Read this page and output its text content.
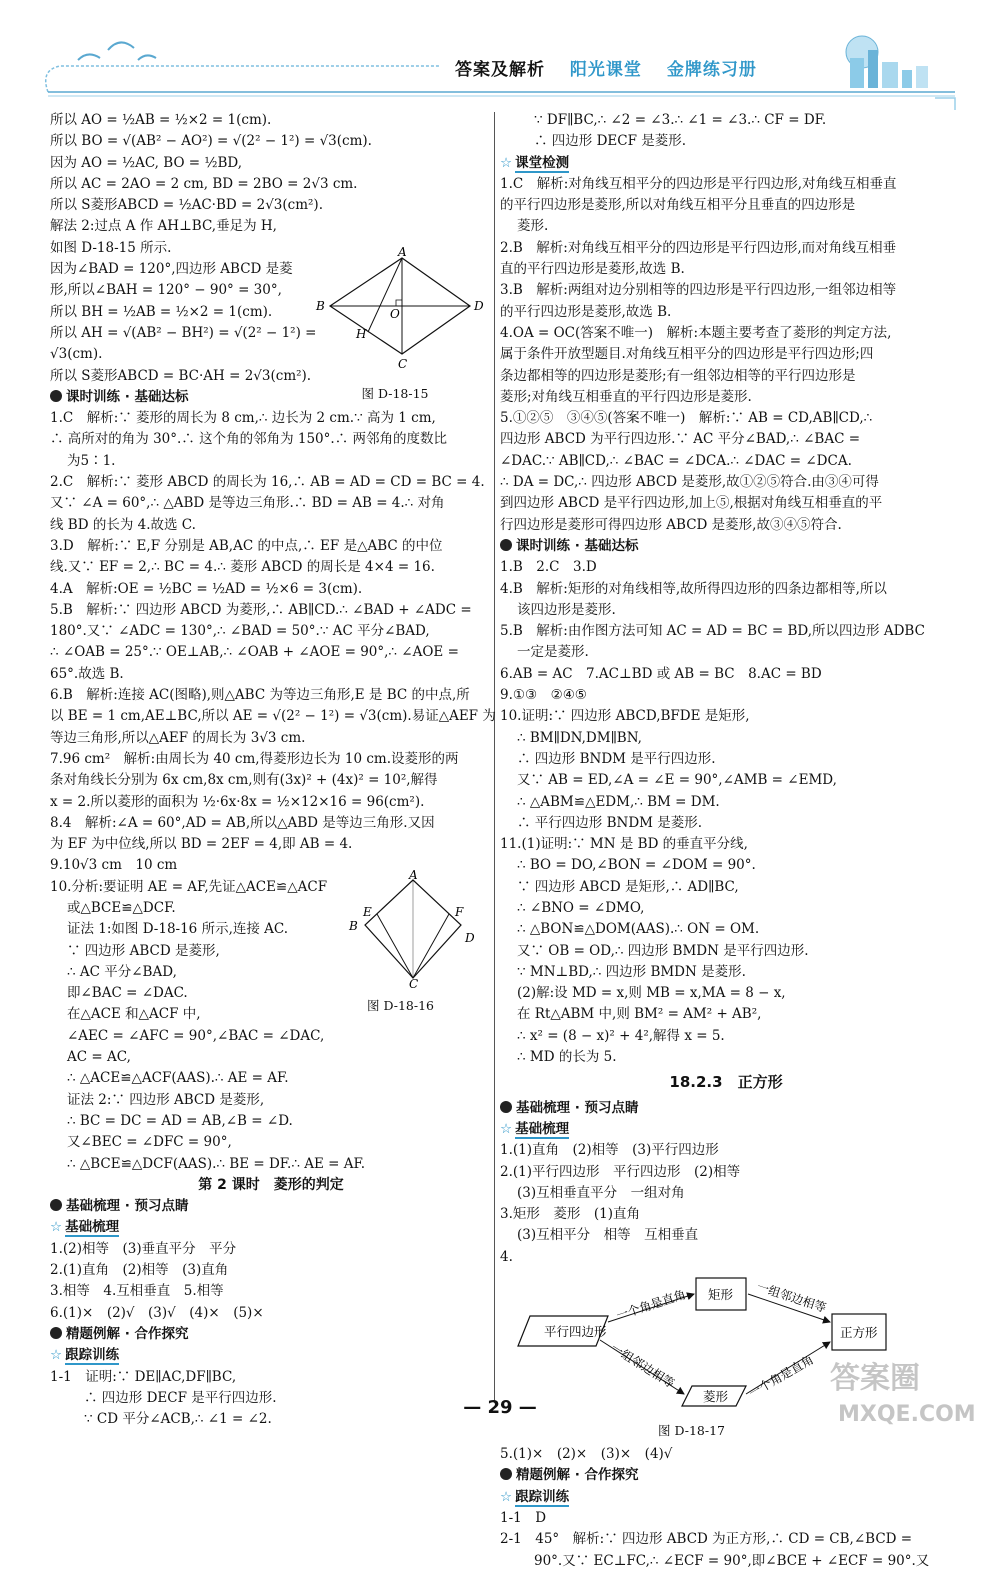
答案及解析 阳光课堂 金牌练习册
所以 AO = ½AB = ½×2 = 1(cm).
所以 BO = √(AB² − AO²) = √(2² − 1²) = √3(cm).
因为 AO = ½AC, BO = ½BD,
所以 AC = 2AO = 2 cm, BD = 2BO = 2√3 cm.
所以 S菱形ABCD = ½AC·BD = 2√3(cm²).
解法 2:过点 A 作 AH⊥BC,垂足为 H,
如图 D-18-15 所示.
因为∠BAD = 120°,四边形 ABCD 是菱
形,所以∠BAH = 120° − 90° = 30°,
所以 BH = ½AB = ½×2 = 1(cm).
所以 AH = √(AB² − BH²) = √(2² − 1²) =
√3(cm).
所以 S菱形ABCD = BC·AH = 2√3(cm²).
课时训练 · 基础达标
1.C　解析:∵ 菱形的周长为 8 cm,∴ 边长为 2 cm.∵ 高为 1 cm,
∴ 高所对的角为 30°.∴ 这个角的邻角为 150°.∴ 两邻角的度数比
为5∶1.
2.C　解析:∵ 菱形 ABCD 的周长为 16,∴ AB = AD = CD = BC = 4.
又∵ ∠A = 60°,∴ △ABD 是等边三角形.∴ BD = AB = 4.∴ 对角
线 BD 的长为 4.故选 C.
3.D　解析:∵ E,F 分别是 AB,AC 的中点,∴ EF 是△ABC 的中位
线.又∵ EF = 2,∴ BC = 4.∴ 菱形 ABCD 的周长是 4×4 = 16.
4.A　解析:OE = ½BC = ½AD = ½×6 = 3(cm).
5.B　解析:∵ 四边形 ABCD 为菱形,∴ AB∥CD.∴ ∠BAD + ∠ADC =
180°.又∵ ∠ADC = 130°,∴ ∠BAD = 50°.∵ AC 平分∠BAD,
∴ ∠OAB = 25°.∵ OE⊥AB,∴ ∠OAB + ∠AOE = 90°,∴ ∠AOE =
65°.故选 B.
6.B　解析:连接 AC(图略),则△ABC 为等边三角形,E 是 BC 的中点,所
以 BE = 1 cm,AE⊥BC,所以 AE = √(2² − 1²) = √3(cm).易证△AEF 为
等边三角形,所以△AEF 的周长为 3√3 cm.
7.96 cm²　解析:由周长为 40 cm,得菱形边长为 10 cm.设菱形的两
条对角线长分别为 6x cm,8x cm,则有(3x)² + (4x)² = 10²,解得
x = 2.所以菱形的面积为 ½·6x·8x = ½×12×16 = 96(cm²).
8.4　解析:∠A = 60°,AD = AB,所以△ABD 是等边三角形.又因
为 EF 为中位线,所以 BD = 2EF = 4,即 AB = 4.
9.10√3 cm　10 cm
10.分析:要证明 AE = AF,先证△ACE≌△ACF
或△BCE≌△DCF.
证法 1:如图 D-18-16 所示,连接 AC.
∵ 四边形 ABCD 是菱形,
∴ AC 平分∠BAD,
即∠BAC = ∠DAC.
在△ACE 和△ACF 中,
∠AEC = ∠AFC = 90°,∠BAC = ∠DAC,
AC = AC,
∴ △ACE≌△ACF(AAS).∴ AE = AF.
证法 2:∵ 四边形 ABCD 是菱形,
∴ BC = DC = AD = AB,∠B = ∠D.
又∠BEC = ∠DFC = 90°,
∴ △BCE≌△DCF(AAS).∴ BE = DF.∴ AE = AF.
第 2 课时　菱形的判定
基础梳理 · 预习点睛
☆ 基础梳理
1.(2)相等　(3)垂直平分　平分
2.(1)直角　(2)相等　(3)直角
3.相等　4.互相垂直　5.相等
6.(1)×　(2)√　(3)√　(4)×　(5)×
精题例解 · 合作探究
☆ 跟踪训练
1-1　证明:∵ DE∥AC,DF∥BC,
∴ 四边形 DECF 是平行四边形.
∵ CD 平分∠ACB,∴ ∠1 = ∠2.
A
B
C
D
O
H
图 D-18-15
A
B
C
D
E	F
图 D-18-16
∵ DF∥BC,∴ ∠2 = ∠3.∴ ∠1 = ∠3.∴ CF = DF.
∴ 四边形 DECF 是菱形.
☆ 课堂检测
1.C　解析:对角线互相平分的四边形是平行四边形,对角线互相垂直
的平行四边形是菱形,所以对角线互相平分且垂直的四边形是
菱形.
2.B　解析:对角线互相平分的四边形是平行四边形,而对角线互相垂
直的平行四边形是菱形,故选 B.
3.B　解析:两组对边分别相等的四边形是平行四边形,一组邻边相等
的平行四边形是菱形,故选 B.
4.OA = OC(答案不唯一)　解析:本题主要考查了菱形的判定方法,
属于条件开放型题目.对角线互相平分的四边形是平行四边形;四
条边都相等的四边形是菱形;有一组邻边相等的平行四边形是
菱形;对角线互相垂直的平行四边形是菱形.
5.①②⑤　③④⑤(答案不唯一)　解析:∵ AB = CD,AB∥CD,∴
四边形 ABCD 为平行四边形.∵ AC 平分∠BAD,∴ ∠BAC =
∠DAC.∵ AB∥CD,∴ ∠BAC = ∠DCA.∴ ∠DAC = ∠DCA.
∴ DA = DC,∴ 四边形 ABCD 是菱形,故①②⑤符合.由③④可得
到四边形 ABCD 是平行四边形,加上⑤,根据对角线互相垂直的平
行四边形是菱形可得四边形 ABCD 是菱形,故③④⑤符合.
课时训练 · 基础达标
1.B　2.C　3.D
4.B　解析:矩形的对角线相等,故所得四边形的四条边都相等,所以
该四边形是菱形.
5.B　解析:由作图方法可知 AC = AD = BC = BD,所以四边形 ADBC
一定是菱形.
6.AB = AC　7.AC⊥BD 或 AB = BC　8.AC = BD
9.①③　②④⑤
10.证明:∵ 四边形 ABCD,BFDE 是矩形,
∴ BM∥DN,DM∥BN,
∴ 四边形 BNDM 是平行四边形.
又∵ AB = ED,∠A = ∠E = 90°,∠AMB = ∠EMD,
∴ △ABM≌△EDM,∴ BM = DM.
∴ 平行四边形 BNDM 是菱形.
11.(1)证明:∵ MN 是 BD 的垂直平分线,
∴ BO = DO,∠BON = ∠DOM = 90°.
∵ 四边形 ABCD 是矩形,∴ AD∥BC,
∴ ∠BNO = ∠DMO,
∴ △BON≌△DOM(AAS).∴ ON = OM.
又∵ OB = OD,∴ 四边形 BMDN 是平行四边形.
∵ MN⊥BD,∴ 四边形 BMDN 是菱形.
(2)解:设 MD = x,则 MB = x,MA = 8 − x,
在 Rt△ABM 中,则 BM² = AM² + AB²,
∴ x² = (8 − x)² + 4²,解得 x = 5.
∴ MD 的长为 5.
18.2.3　正方形
基础梳理 · 预习点睛
☆ 基础梳理
1.(1)直角　(2)相等　(3)平行四边形
2.(1)平行四边形　平行四边形　(2)相等
(3)互相垂直平分　一组对角
3.矩形　菱形　(1)直角
(3)互相平分　相等　互相垂直
4.
平行四边形
矩形
菱形
正方形
一个角是直角
一组邻边相等
一组邻边相等
一个角是直角
图 D-18-17
5.(1)×　(2)×　(3)×　(4)√
精题例解 · 合作探究
☆ 跟踪训练
1-1　D
2-1　45°　解析:∵ 四边形 ABCD 为正方形,∴ CD = CB,∠BCD =
90°.又∵ EC⊥FC,∴ ∠ECF = 90°,即∠BCE + ∠ECF = 90°.又
— 29 —
答案圈
MXQE.COM
